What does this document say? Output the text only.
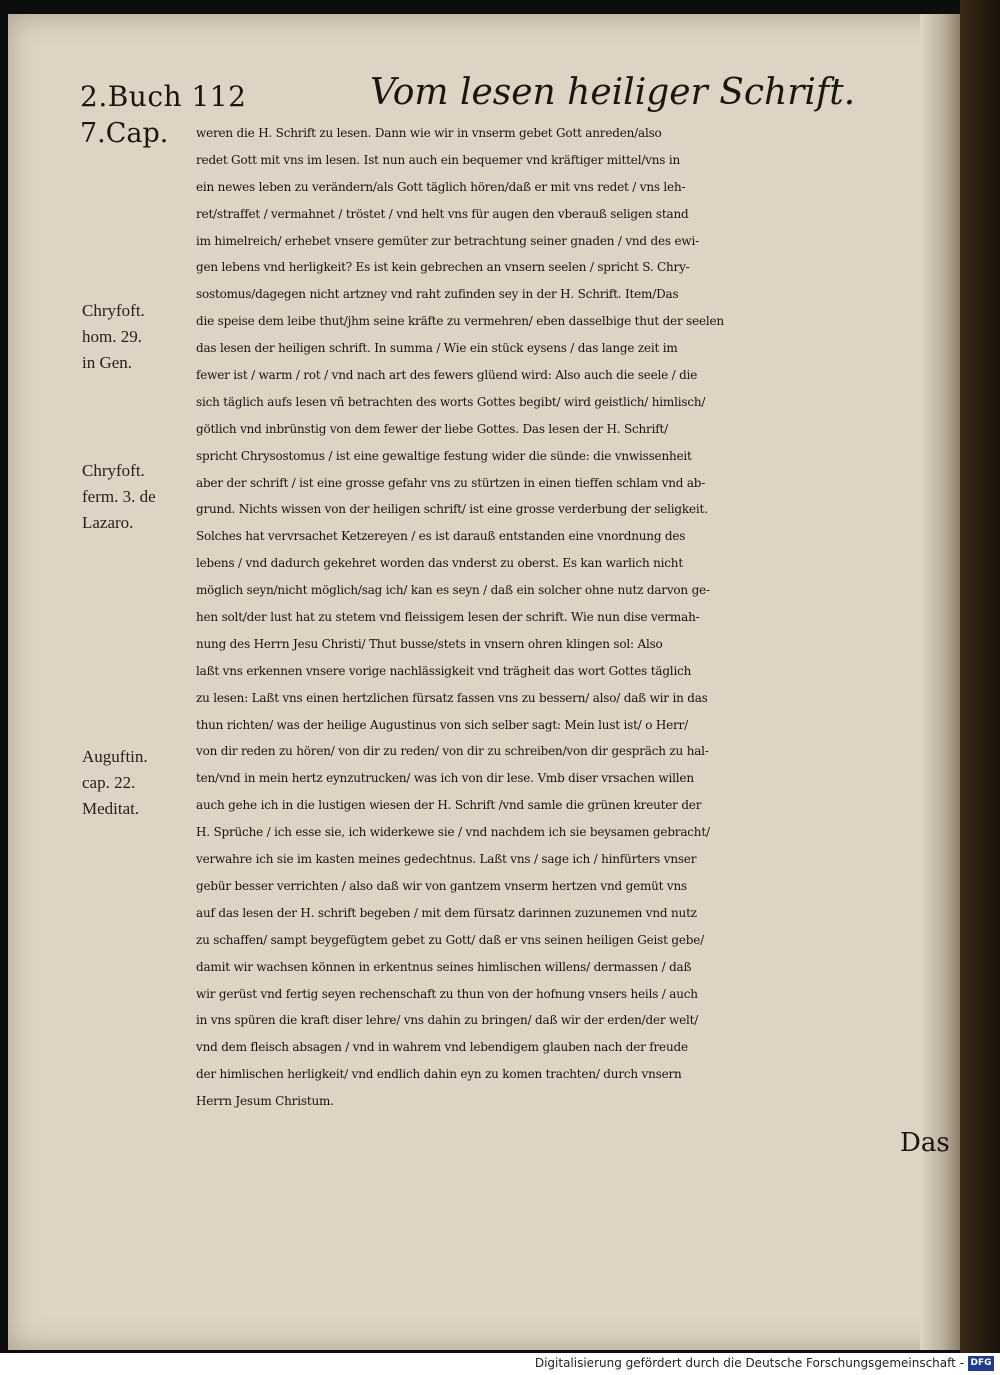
2.Buch 112	Vom lesen heiliger Schrift.
7.Cap.
Chryfoft.
hom. 29.
in Gen.
Chryfoft.
ferm. 3. de
Lazaro.
Auguftin.
cap. 22.
Meditat.
weren die H. Schrift zu lesen. Dann wie wir in vnserm gebet Gott anreden/also
redet Gott mit vns im lesen. Ist nun auch ein bequemer vnd kräftiger mittel/vns in
ein newes leben zu verändern/als Gott täglich hören/daß er mit vns redet / vns leh-
ret/straffet / vermahnet / tröstet / vnd helt vns für augen den vberauß seligen stand
im himelreich/ erhebet vnsere gemüter zur betrachtung seiner gnaden / vnd des ewi-
gen lebens vnd herligkeit? Es ist kein gebrechen an vnsern seelen / spricht S. Chry-
sostomus/dagegen nicht artzney vnd raht zufinden sey in der H. Schrift. Item/Das
die speise dem leibe thut/jhm seine kräfte zu vermehren/ eben dasselbige thut der seelen
das lesen der heiligen schrift. In summa / Wie ein stück eysens / das lange zeit im
fewer ist / warm / rot / vnd nach art des fewers glüend wird: Also auch die seele / die
sich täglich aufs lesen vñ betrachten des worts Gottes begibt/ wird geistlich/ himlisch/
götlich vnd inbrünstig von dem fewer der liebe Gottes. Das lesen der H. Schrift/
spricht Chrysostomus / ist eine gewaltige festung wider die sünde: die vnwissenheit
aber der schrift / ist eine grosse gefahr vns zu stürtzen in einen tieffen schlam vnd ab-
grund. Nichts wissen von der heiligen schrift/ ist eine grosse verderbung der seligkeit.
Solches hat vervrsachet Ketzereyen / es ist darauß entstanden eine vnordnung des
lebens / vnd dadurch gekehret worden das vnderst zu oberst. Es kan warlich nicht
möglich seyn/nicht möglich/sag ich/ kan es seyn / daß ein solcher ohne nutz darvon ge-
hen solt/der lust hat zu stetem vnd fleissigem lesen der schrift. Wie nun dise vermah-
nung des Herrn Jesu Christi/ Thut busse/stets in vnsern ohren klingen sol: Also
laßt vns erkennen vnsere vorige nachlässigkeit vnd trägheit das wort Gottes täglich
zu lesen: Laßt vns einen hertzlichen fürsatz fassen vns zu bessern/ also/ daß wir in das
thun richten/ was der heilige Augustinus von sich selber sagt: Mein lust ist/ o Herr/
von dir reden zu hören/ von dir zu reden/ von dir zu schreiben/von dir gespräch zu hal-
ten/vnd in mein hertz eynzutrucken/ was ich von dir lese. Vmb diser vrsachen willen
auch gehe ich in die lustigen wiesen der H. Schrift /vnd samle die grünen kreuter der
H. Sprüche / ich esse sie, ich widerkewe sie / vnd nachdem ich sie beysamen gebracht/
verwahre ich sie im kasten meines gedechtnus. Laßt vns / sage ich / hinfürters vnser
gebür besser verrichten / also daß wir von gantzem vnserm hertzen vnd gemüt vns
auf das lesen der H. schrift begeben / mit dem fürsatz darinnen zuzunemen vnd nutz
zu schaffen/ sampt beygefügtem gebet zu Gott/ daß er vns seinen heiligen Geist gebe/
damit wir wachsen können in erkentnus seines himlischen willens/ dermassen / daß
wir gerüst vnd fertig seyen rechenschaft zu thun von der hofnung vnsers heils / auch
in vns spüren die kraft diser lehre/ vns dahin zu bringen/ daß wir der erden/der welt/
vnd dem fleisch absagen / vnd in wahrem vnd lebendigem glauben nach der freude
der himlischen herligkeit/ vnd endlich dahin eyn zu komen trachten/ durch vnsern
Herrn Jesum Christum.
Das
Digitalisierung gefördert durch die Deutsche Forschungsgemeinschaft - DFG
